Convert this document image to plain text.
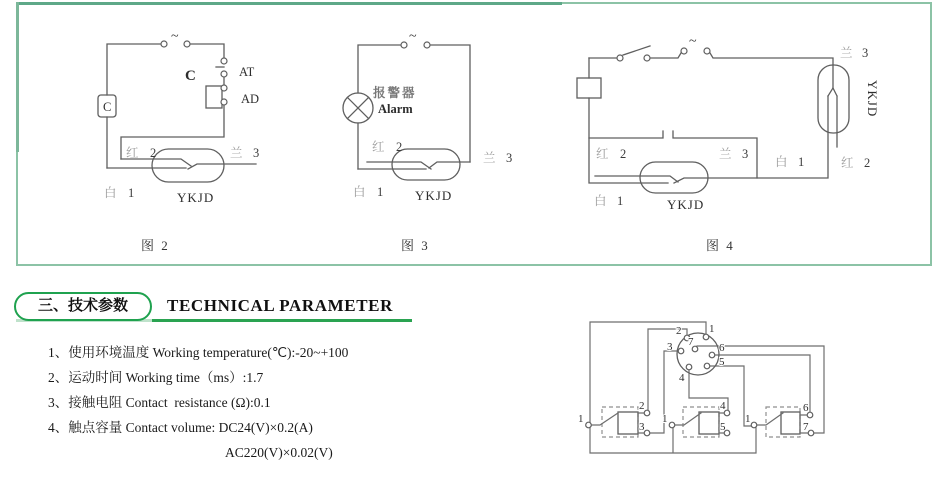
~
C
C	AT
AD
红 2	兰 3
白 1	YKJD
图 2
~
报警器
Alarm
红 2
兰 3
白 1 YKJD
图 3
~
兰 3
YKJD
白 1	红 2
红 2	兰 3
白 1	YKJD
图 4
三、技术参数	TECHNICAL PARAMETER
1、使用环境温度 Working temperature(℃):-20~+100
2、运动时间 Working time（ms）:1.7
3、接触电阻 Contact  resistance (Ω):0.1
4、触点容量 Contact volume: DC24(V)×0.2(A)
AC220(V)×0.02(V)
1
2
3
4
5
6
7
1
2
3
1
4
5
1
6
7
